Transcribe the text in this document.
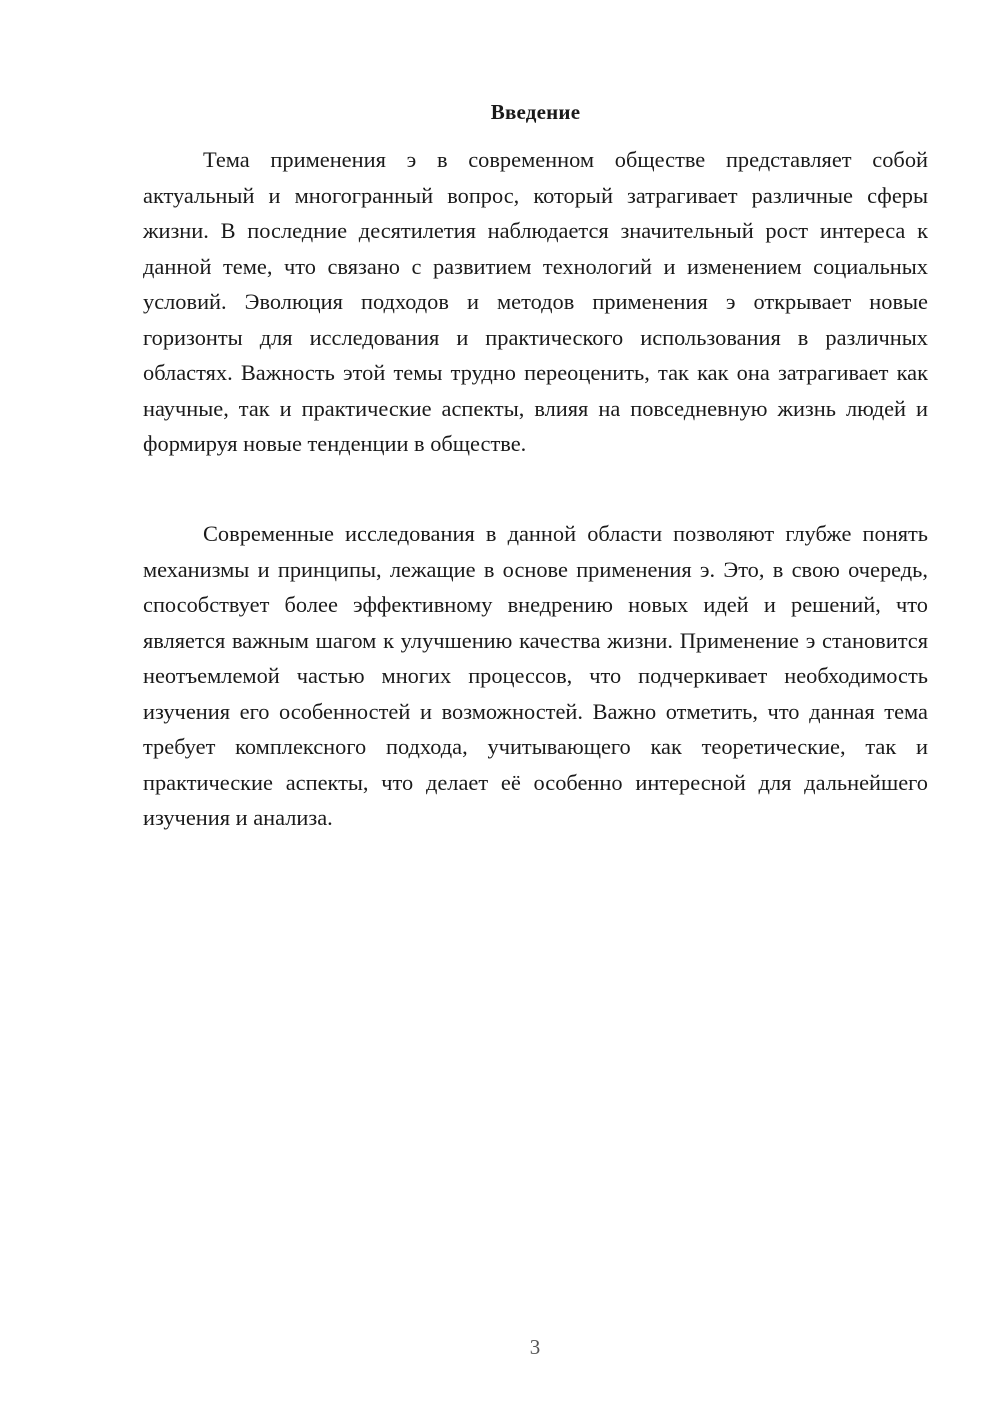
Введение

Тема применения э в современном обществе представляет собой актуальный и многогранный вопрос, который затрагивает различные сферы жизни. В последние десятилетия наблюдается значительный рост интереса к данной теме, что связано с развитием технологий и изменением социальных условий. Эволюция подходов и методов применения э открывает новые горизонты для исследования и практического использования в различных областях. Важность этой темы трудно переоценить, так как она затрагивает как научные, так и практические аспекты, влияя на повседневную жизнь людей и формируя новые тенденции в обществе.

Современные исследования в данной области позволяют глубже понять механизмы и принципы, лежащие в основе применения э. Это, в свою очередь, способствует более эффективному внедрению новых идей и решений, что является важным шагом к улучшению качества жизни. Применение э становится неотъемлемой частью многих процессов, что подчеркивает необходимость изучения его особенностей и возможностей. Важно отметить, что данная тема требует комплексного подхода, учитывающего как теоретические, так и практические аспекты, что делает её особенно интересной для дальнейшего изучения и анализа.

3
